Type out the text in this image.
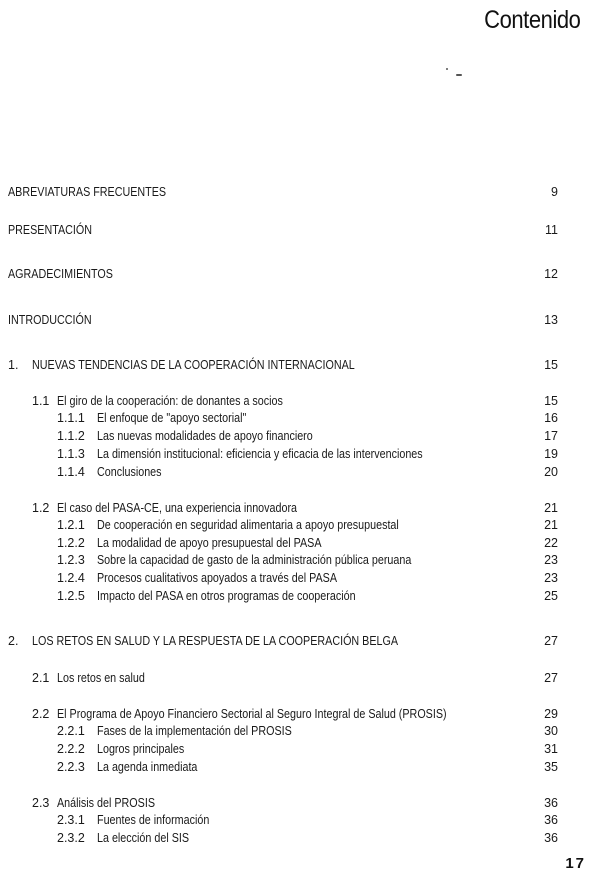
Contenido
ABREVIATURAS FRECUENTES	9
PRESENTACIÓN	11
AGRADECIMIENTOS	12
INTRODUCCIÓN	13
1. NUEVAS TENDENCIAS DE LA COOPERACIÓN INTERNACIONAL	15
1.1 El giro de la cooperación: de donantes a socios	15
1.1.1 El enfoque de "apoyo sectorial"	16
1.1.2 Las nuevas modalidades de apoyo financiero	17
1.1.3 La dimensión institucional: eficiencia y eficacia de las intervenciones	19
1.1.4 Conclusiones	20
1.2 El caso del PASA-CE, una experiencia innovadora	21
1.2.1 De cooperación en seguridad alimentaria a apoyo presupuestal	21
1.2.2 La modalidad de apoyo presupuestal del PASA	22
1.2.3 Sobre la capacidad de gasto de la administración pública peruana	23
1.2.4 Procesos cualitativos apoyados a través del PASA	23
1.2.5 Impacto del PASA en otros programas de cooperación	25
2. LOS RETOS EN SALUD Y LA RESPUESTA DE LA COOPERACIÓN BELGA	27
2.1 Los retos en salud	27
2.2 El Programa de Apoyo Financiero Sectorial al Seguro Integral de Salud (PROSIS)	29
2.2.1 Fases de la implementación del PROSIS	30
2.2.2 Logros principales	31
2.2.3 La agenda inmediata	35
2.3 Análisis del PROSIS	36
2.3.1 Fuentes de información	36
2.3.2 La elección del SIS	36
17
